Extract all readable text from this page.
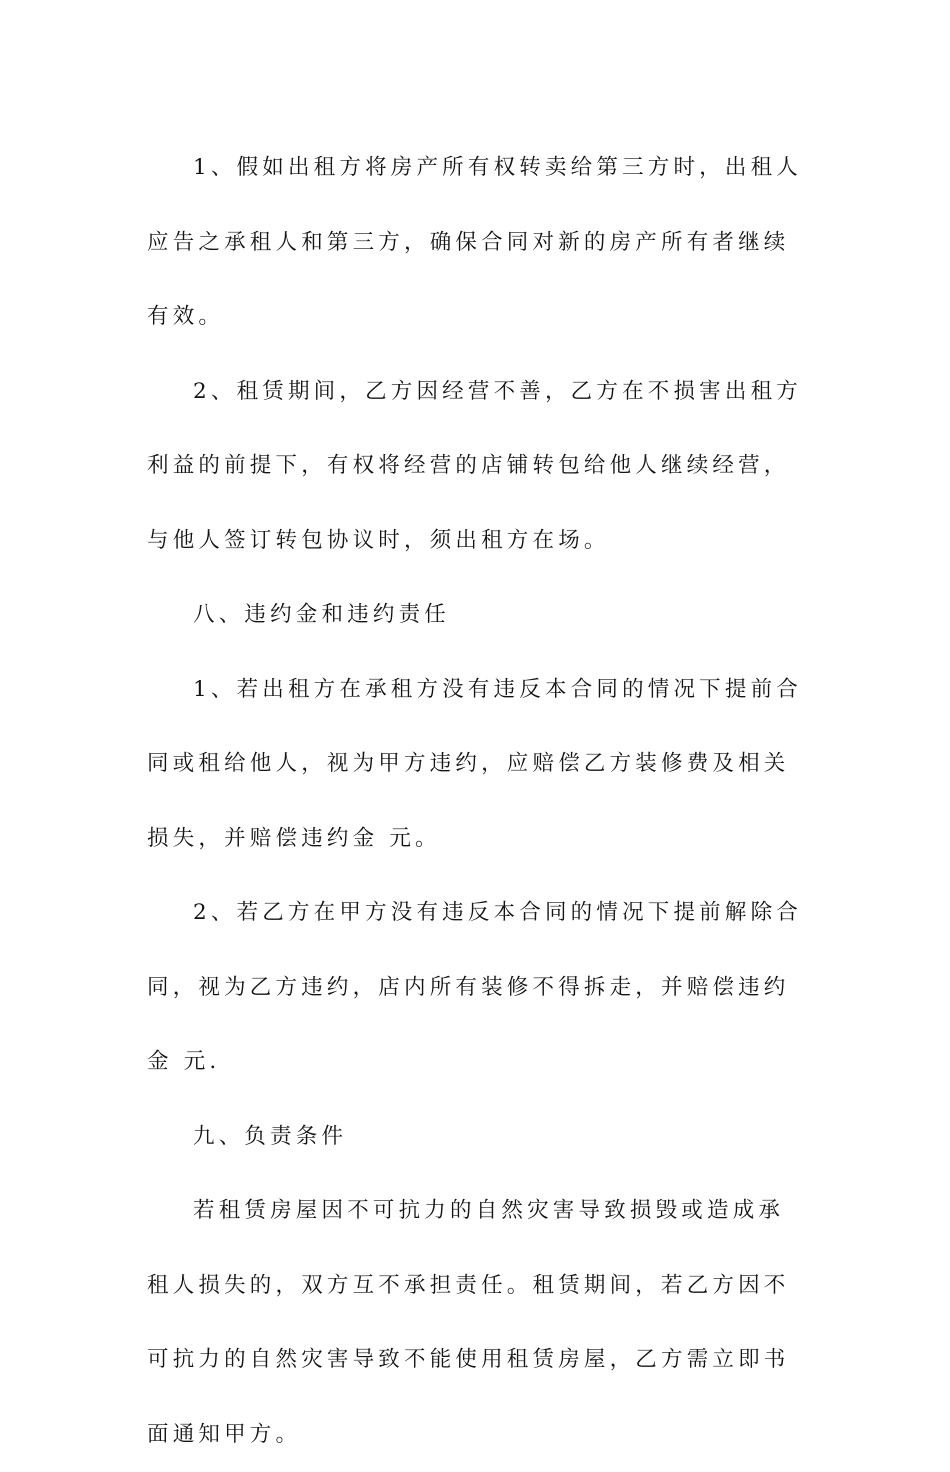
1、假如出租方将房产所有权转卖给第三方时，出租人应告之承租人和第三方，确保合同对新的房产所有者继续有效。

2、租赁期间，乙方因经营不善，乙方在不损害出租方利益的前提下，有权将经营的店铺转包给他人继续经营，与他人签订转包协议时，须出租方在场。

八、违约金和违约责任

1、若出租方在承租方没有违反本合同的情况下提前合同或租给他人，视为甲方违约，应赔偿乙方装修费及相关损失，并赔偿违约金 元。

2、若乙方在甲方没有违反本合同的情况下提前解除合同，视为乙方违约，店内所有装修不得拆走，并赔偿违约金 元.

九、负责条件

若租赁房屋因不可抗力的自然灾害导致损毁或造成承租人损失的，双方互不承担责任。租赁期间，若乙方因不可抗力的自然灾害导致不能使用租赁房屋，乙方需立即书面通知甲方。
